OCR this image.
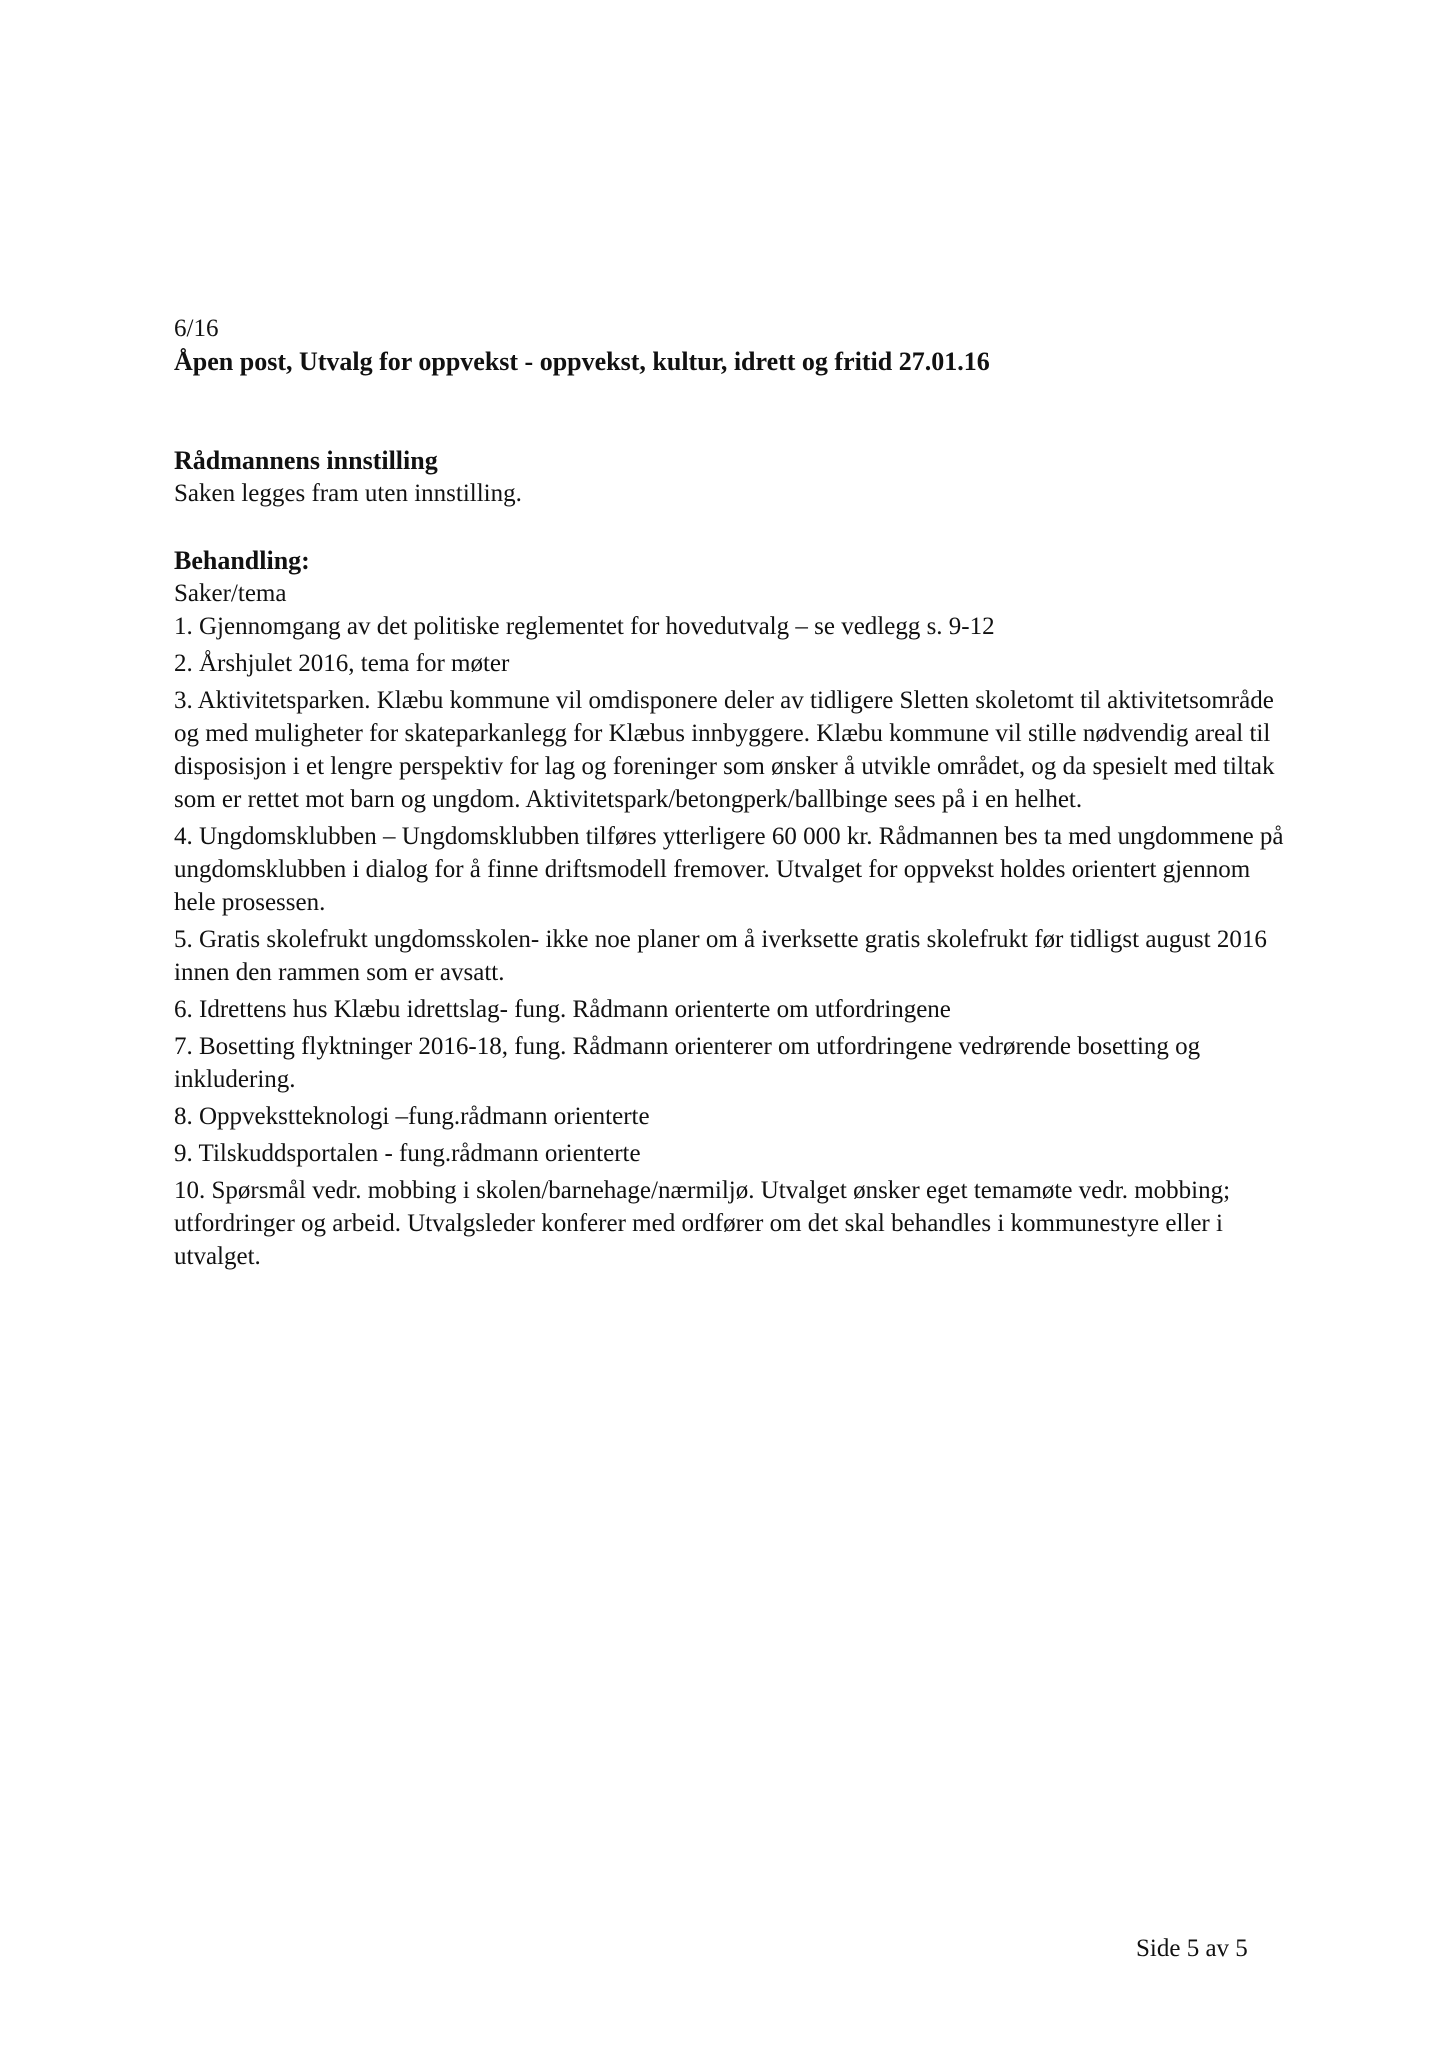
6/16

Åpen post, Utvalg for oppvekst - oppvekst, kultur, idrett og fritid 27.01.16

Rådmannens innstilling

Saken legges fram uten innstilling.

Behandling:

Saker/tema

1. Gjennomgang av det politiske reglementet for hovedutvalg – se vedlegg s. 9-12

2. Årshjulet 2016, tema for møter

3. Aktivitetsparken. Klæbu kommune vil omdisponere deler av tidligere Sletten skoletomt til aktivitetsområde og med muligheter for skateparkanlegg for Klæbus innbyggere. Klæbu kommune vil stille nødvendig areal til disposisjon i et lengre perspektiv for lag og foreninger som ønsker å utvikle området, og da spesielt med tiltak som er rettet mot barn og ungdom. Aktivitetspark/betongperk/ballbinge sees på i en helhet.

4. Ungdomsklubben – Ungdomsklubben tilføres ytterligere 60 000 kr. Rådmannen bes ta med ungdommene på ungdomsklubben i dialog for å finne driftsmodell fremover. Utvalget for oppvekst holdes orientert gjennom hele prosessen.

5. Gratis skolefrukt ungdomsskolen- ikke noe planer om å iverksette gratis skolefrukt før tidligst august 2016 innen den rammen som er avsatt.

6. Idrettens hus Klæbu idrettslag- fung. Rådmann orienterte om utfordringene

7. Bosetting flyktninger 2016-18, fung. Rådmann orienterer om utfordringene vedrørende bosetting og inkludering.

8. Oppvekstteknologi –fung.rådmann orienterte

9. Tilskuddsportalen - fung.rådmann orienterte

10. Spørsmål vedr. mobbing i skolen/barnehage/nærmiljø. Utvalget ønsker eget temamøte vedr. mobbing; utfordringer og arbeid. Utvalgsleder konferer med ordfører om det skal behandles i kommunestyre eller i utvalget.

Side 5 av 5
